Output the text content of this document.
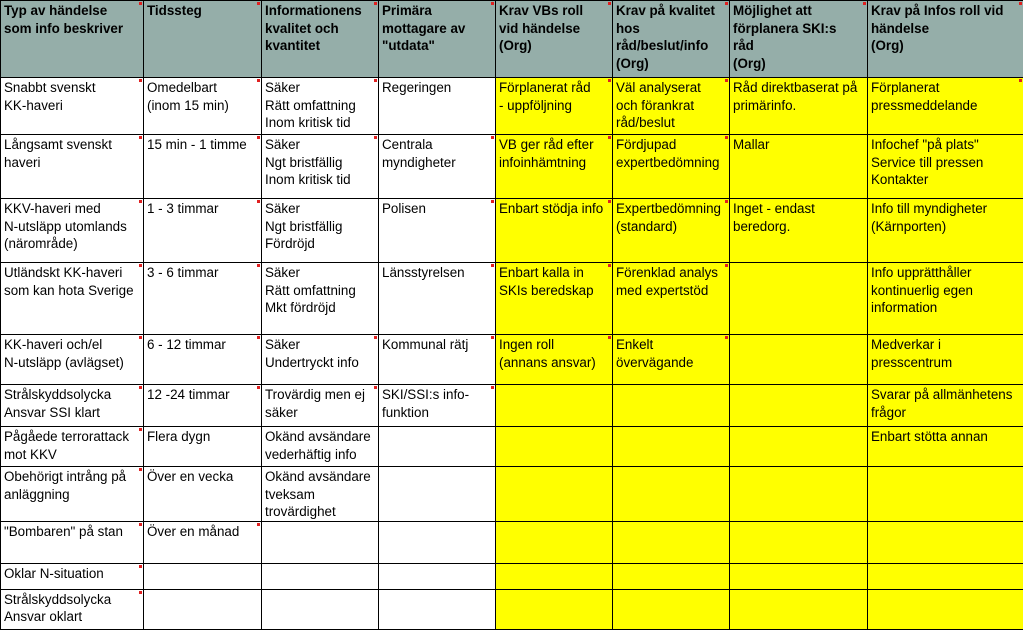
Typ av händelse
som info beskriver	Tidssteg	Informationens
kvalitet och
kvantitet	Primära
mottagare av
"utdata"	Krav VBs roll
vid händelse
(Org)	Krav på kvalitet
hos
råd/beslut/info
(Org)	Möjlighet att
förplanera SKI:s
råd
(Org)	Krav på Infos roll vid
händelse
(Org)

Snabbt svenskt
KK-haveri	Omedelbart
(inom 15 min)	Säker
Rätt omfattning
Inom kritisk tid	Regeringen	Förplanerat råd
- uppföljning	Väl analyserat
och förankrat
råd/beslut	Råd direktbaserat på
primärinfo.	Förplanerat
pressmeddelande

Långsamt svenskt
haveri	15 min - 1 timme	Säker
Ngt bristfällig
Inom kritisk tid	Centrala
myndigheter	VB ger råd efter
infoinhämtning	Fördjupad
expertbedömning	Mallar	Infochef "på plats"
Service till pressen
Kontakter

KKV-haveri med
N-utsläpp utomlands
(närområde)	1 - 3 timmar	Säker
Ngt bristfällig
Fördröjd	Polisen	Enbart stödja info	Expertbedömning
(standard)	Inget - endast
beredorg.	Info till myndigheter
(Kärnporten)

Utländskt KK-haveri
som kan hota Sverige	3 - 6 timmar	Säker
Rätt omfattning
Mkt fördröjd	Länsstyrelsen	Enbart kalla in
SKIs beredskap	Förenklad analys
med expertstöd		Info upprätthåller
kontinuerlig egen
information

KK-haveri och/el
N-utsläpp (avlägset)	6 - 12 timmar	Säker
Undertryckt info	Kommunal rätj	Ingen roll
(annans ansvar)	Enkelt
övervägande		Medverkar i
presscentrum

Strålskyddsolycka
Ansvar SSI klart	12 -24 timmar	Trovärdig men ej
säker	SKI/SSI:s info-
funktion				Svarar på allmänhetens
frågor

Pågåede terrorattack
mot KKV	Flera dygn	Okänd avsändare
vederhäftig info					Enbart stötta annan

Obehörigt intrång på
anläggning	Över en vecka	Okänd avsändare
tveksam
trovärdighet					

"Bombaren" på stan	Över en månad						

Oklar N-situation							

Strålskyddsolycka
Ansvar oklart							
